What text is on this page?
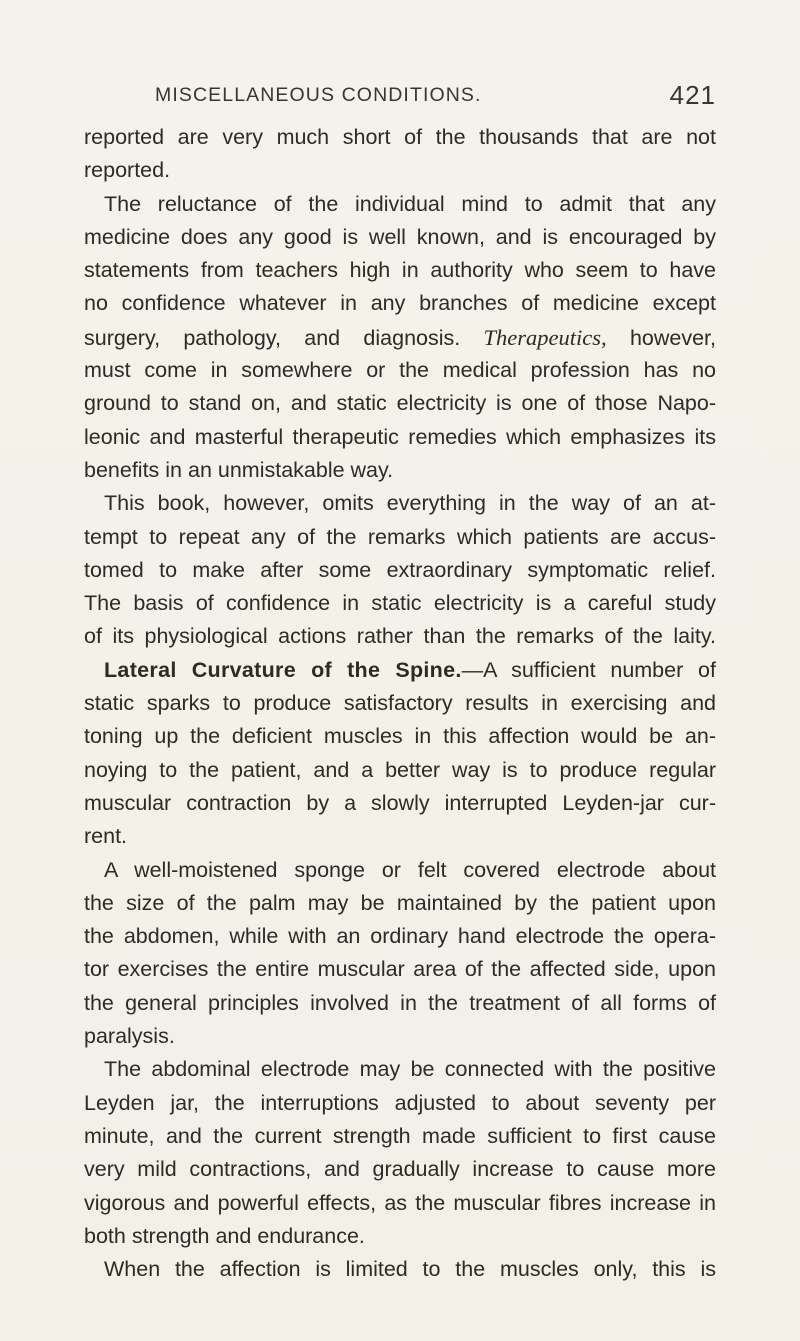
MISCELLANEOUS CONDITIONS.	421
reported are very much short of the thousands that are not
reported.
The reluctance of the individual mind to admit that any
medicine does any good is well known, and is encouraged by
statements from teachers high in authority who seem to have
no confidence whatever in any branches of medicine except
surgery, pathology, and diagnosis. Therapeutics, however,
must come in somewhere or the medical profession has no
ground to stand on, and static electricity is one of those Napo-
leonic and masterful therapeutic remedies which emphasizes its
benefits in an unmistakable way.
This book, however, omits everything in the way of an at-
tempt to repeat any of the remarks which patients are accus-
tomed to make after some extraordinary symptomatic relief.
The basis of confidence in static electricity is a careful study
of its physiological actions rather than the remarks of the laity.
Lateral Curvature of the Spine.—A sufficient number of
static sparks to produce satisfactory results in exercising and
toning up the deficient muscles in this affection would be an-
noying to the patient, and a better way is to produce regular
muscular contraction by a slowly interrupted Leyden-jar cur-
rent.
A well-moistened sponge or felt covered electrode about
the size of the palm may be maintained by the patient upon
the abdomen, while with an ordinary hand electrode the opera-
tor exercises the entire muscular area of the affected side, upon
the general principles involved in the treatment of all forms of
paralysis.
The abdominal electrode may be connected with the positive
Leyden jar, the interruptions adjusted to about seventy per
minute, and the current strength made sufficient to first cause
very mild contractions, and gradually increase to cause more
vigorous and powerful effects, as the muscular fibres increase in
both strength and endurance.
When the affection is limited to the muscles only, this is
